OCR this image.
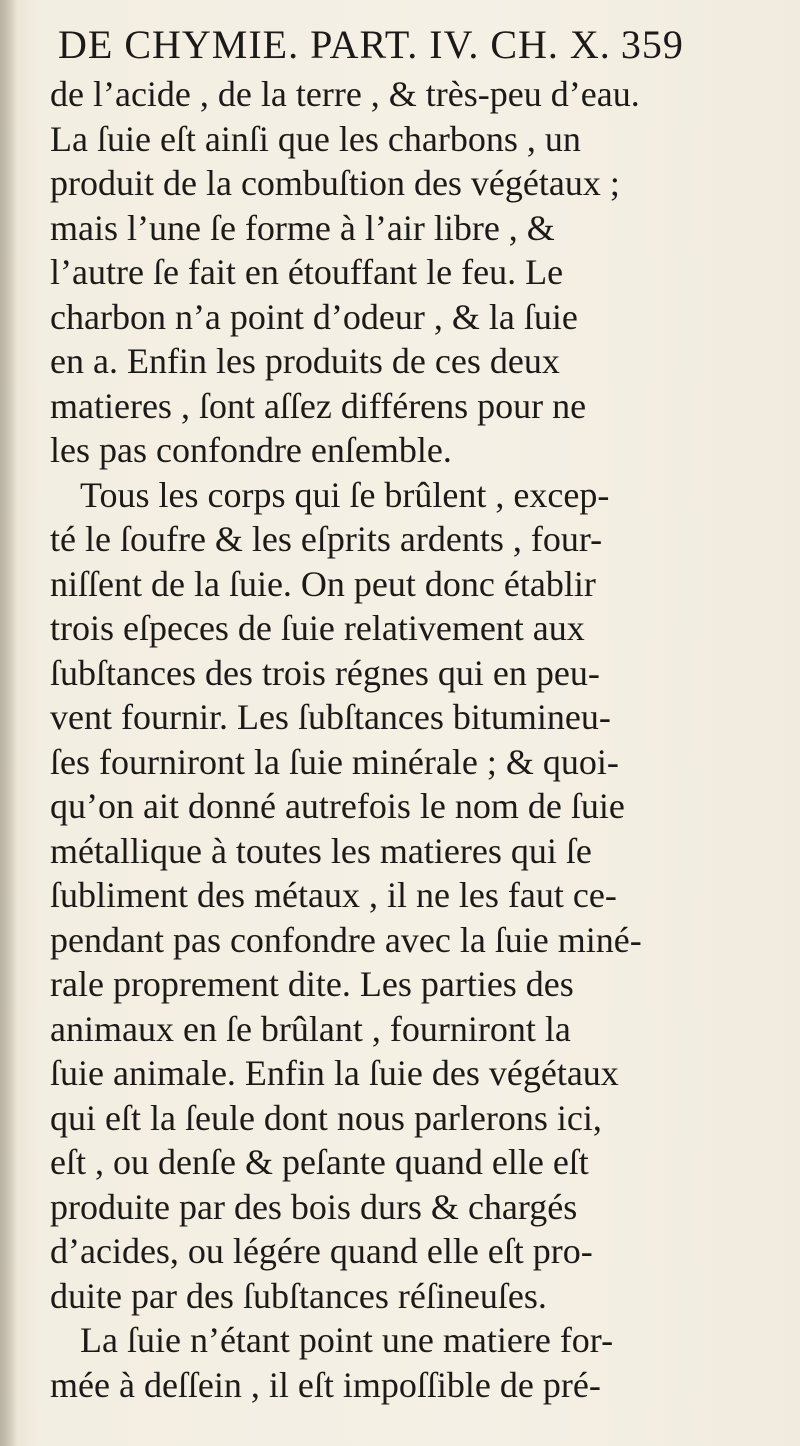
DE CHYMIE. PART. IV. CH. X. 359
de l’acide , de la terre , & très-peu d’eau.
La ſuie eſt ainſi que les charbons , un
produit de la combuſtion des végétaux ;
mais l’une ſe forme à l’air libre , &
l’autre ſe fait en étouffant le feu. Le
charbon n’a point d’odeur , & la ſuie
en a. Enfin les produits de ces deux
matieres , ſont aſſez différens pour ne
les pas confondre enſemble.
Tous les corps qui ſe brûlent , excep-
té le ſoufre & les eſprits ardents , four-
niſſent de la ſuie. On peut donc établir
trois eſpeces de ſuie relativement aux
ſubſtances des trois régnes qui en peu-
vent fournir. Les ſubſtances bitumineu-
ſes fourniront la ſuie minérale ; & quoi-
qu’on ait donné autrefois le nom de ſuie
métallique à toutes les matieres qui ſe
ſubliment des métaux , il ne les faut ce-
pendant pas confondre avec la ſuie miné-
rale proprement dite. Les parties des
animaux en ſe brûlant , fourniront la
ſuie animale. Enfin la ſuie des végétaux
qui eſt la ſeule dont nous parlerons ici,
eſt , ou denſe & peſante quand elle eſt
produite par des bois durs & chargés
d’acides, ou légére quand elle eſt pro-
duite par des ſubſtances réſineuſes.
La ſuie n’étant point une matiere for-
mée à deſſein , il eſt impoſſible de pré-
